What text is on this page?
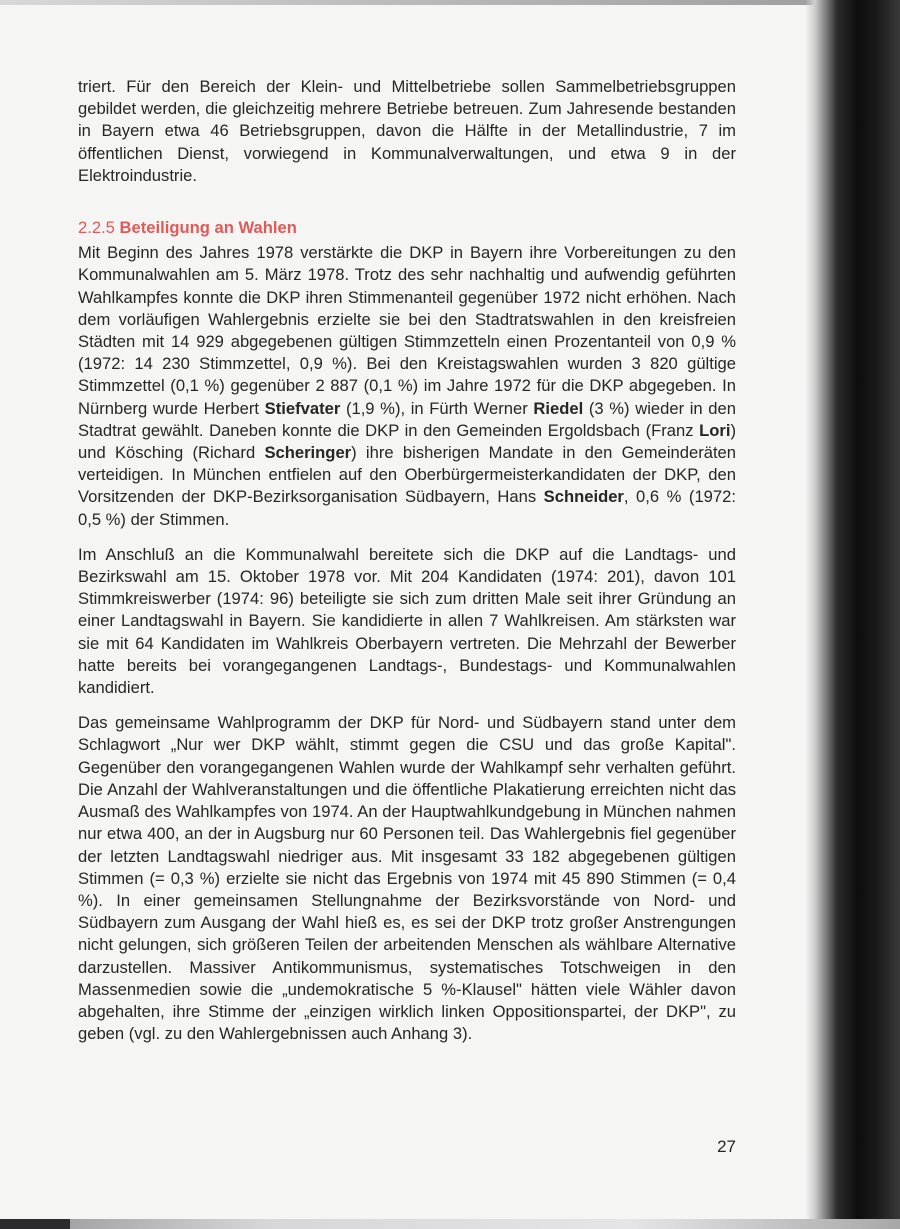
triert. Für den Bereich der Klein- und Mittelbetriebe sollen Sammelbetriebsgruppen gebildet werden, die gleichzeitig mehrere Betriebe betreuen. Zum Jahresende bestanden in Bayern etwa 46 Betriebsgruppen, davon die Hälfte in der Metallindustrie, 7 im öffentlichen Dienst, vorwiegend in Kommunalverwaltungen, und etwa 9 in der Elektroindustrie.

2.2.5 Beteiligung an Wahlen

Mit Beginn des Jahres 1978 verstärkte die DKP in Bayern ihre Vorbereitungen zu den Kommunalwahlen am 5. März 1978. Trotz des sehr nachhaltig und aufwendig geführten Wahlkampfes konnte die DKP ihren Stimmenanteil gegenüber 1972 nicht erhöhen. Nach dem vorläufigen Wahlergebnis erzielte sie bei den Stadtratswahlen in den kreisfreien Städten mit 14 929 abgegebenen gültigen Stimmzetteln einen Prozentanteil von 0,9 % (1972: 14 230 Stimmzettel, 0,9 %). Bei den Kreistagswahlen wurden 3 820 gültige Stimmzettel (0,1 %) gegenüber 2 887 (0,1 %) im Jahre 1972 für die DKP abgegeben. In Nürnberg wurde Herbert Stiefvater (1,9 %), in Fürth Werner Riedel (3 %) wieder in den Stadtrat gewählt. Daneben konnte die DKP in den Gemeinden Ergoldsbach (Franz Lori) und Kösching (Richard Scheringer) ihre bisherigen Mandate in den Gemeinderäten verteidigen. In München entfielen auf den Oberbürgermeisterkandidaten der DKP, den Vorsitzenden der DKP-Bezirksorganisation Südbayern, Hans Schneider, 0,6 % (1972: 0,5 %) der Stimmen.

Im Anschluß an die Kommunalwahl bereitete sich die DKP auf die Landtags- und Bezirkswahl am 15. Oktober 1978 vor. Mit 204 Kandidaten (1974: 201), davon 101 Stimmkreiswerber (1974: 96) beteiligte sie sich zum dritten Male seit ihrer Gründung an einer Landtagswahl in Bayern. Sie kandidierte in allen 7 Wahlkreisen. Am stärksten war sie mit 64 Kandidaten im Wahlkreis Oberbayern vertreten. Die Mehrzahl der Bewerber hatte bereits bei vorangegangenen Landtags-, Bundestags- und Kommunalwahlen kandidiert.

Das gemeinsame Wahlprogramm der DKP für Nord- und Südbayern stand unter dem Schlagwort „Nur wer DKP wählt, stimmt gegen die CSU und das große Kapital". Gegenüber den vorangegangenen Wahlen wurde der Wahlkampf sehr verhalten geführt. Die Anzahl der Wahlveranstaltungen und die öffentliche Plakatierung erreichten nicht das Ausmaß des Wahlkampfes von 1974. An der Hauptwahlkundgebung in München nahmen nur etwa 400, an der in Augsburg nur 60 Personen teil. Das Wahlergebnis fiel gegenüber der letzten Landtagswahl niedriger aus. Mit insgesamt 33 182 abgegebenen gültigen Stimmen (= 0,3 %) erzielte sie nicht das Ergebnis von 1974 mit 45 890 Stimmen (= 0,4 %). In einer gemeinsamen Stellungnahme der Bezirksvorstände von Nord- und Südbayern zum Ausgang der Wahl hieß es, es sei der DKP trotz großer Anstrengungen nicht gelungen, sich größeren Teilen der arbeitenden Menschen als wählbare Alternative darzustellen. Massiver Antikommunismus, systematisches Totschweigen in den Massenmedien sowie die „undemokratische 5 %-Klausel" hätten viele Wähler davon abgehalten, ihre Stimme der „einzigen wirklich linken Oppositionspartei, der DKP", zu geben (vgl. zu den Wahlergebnissen auch Anhang 3).

27
